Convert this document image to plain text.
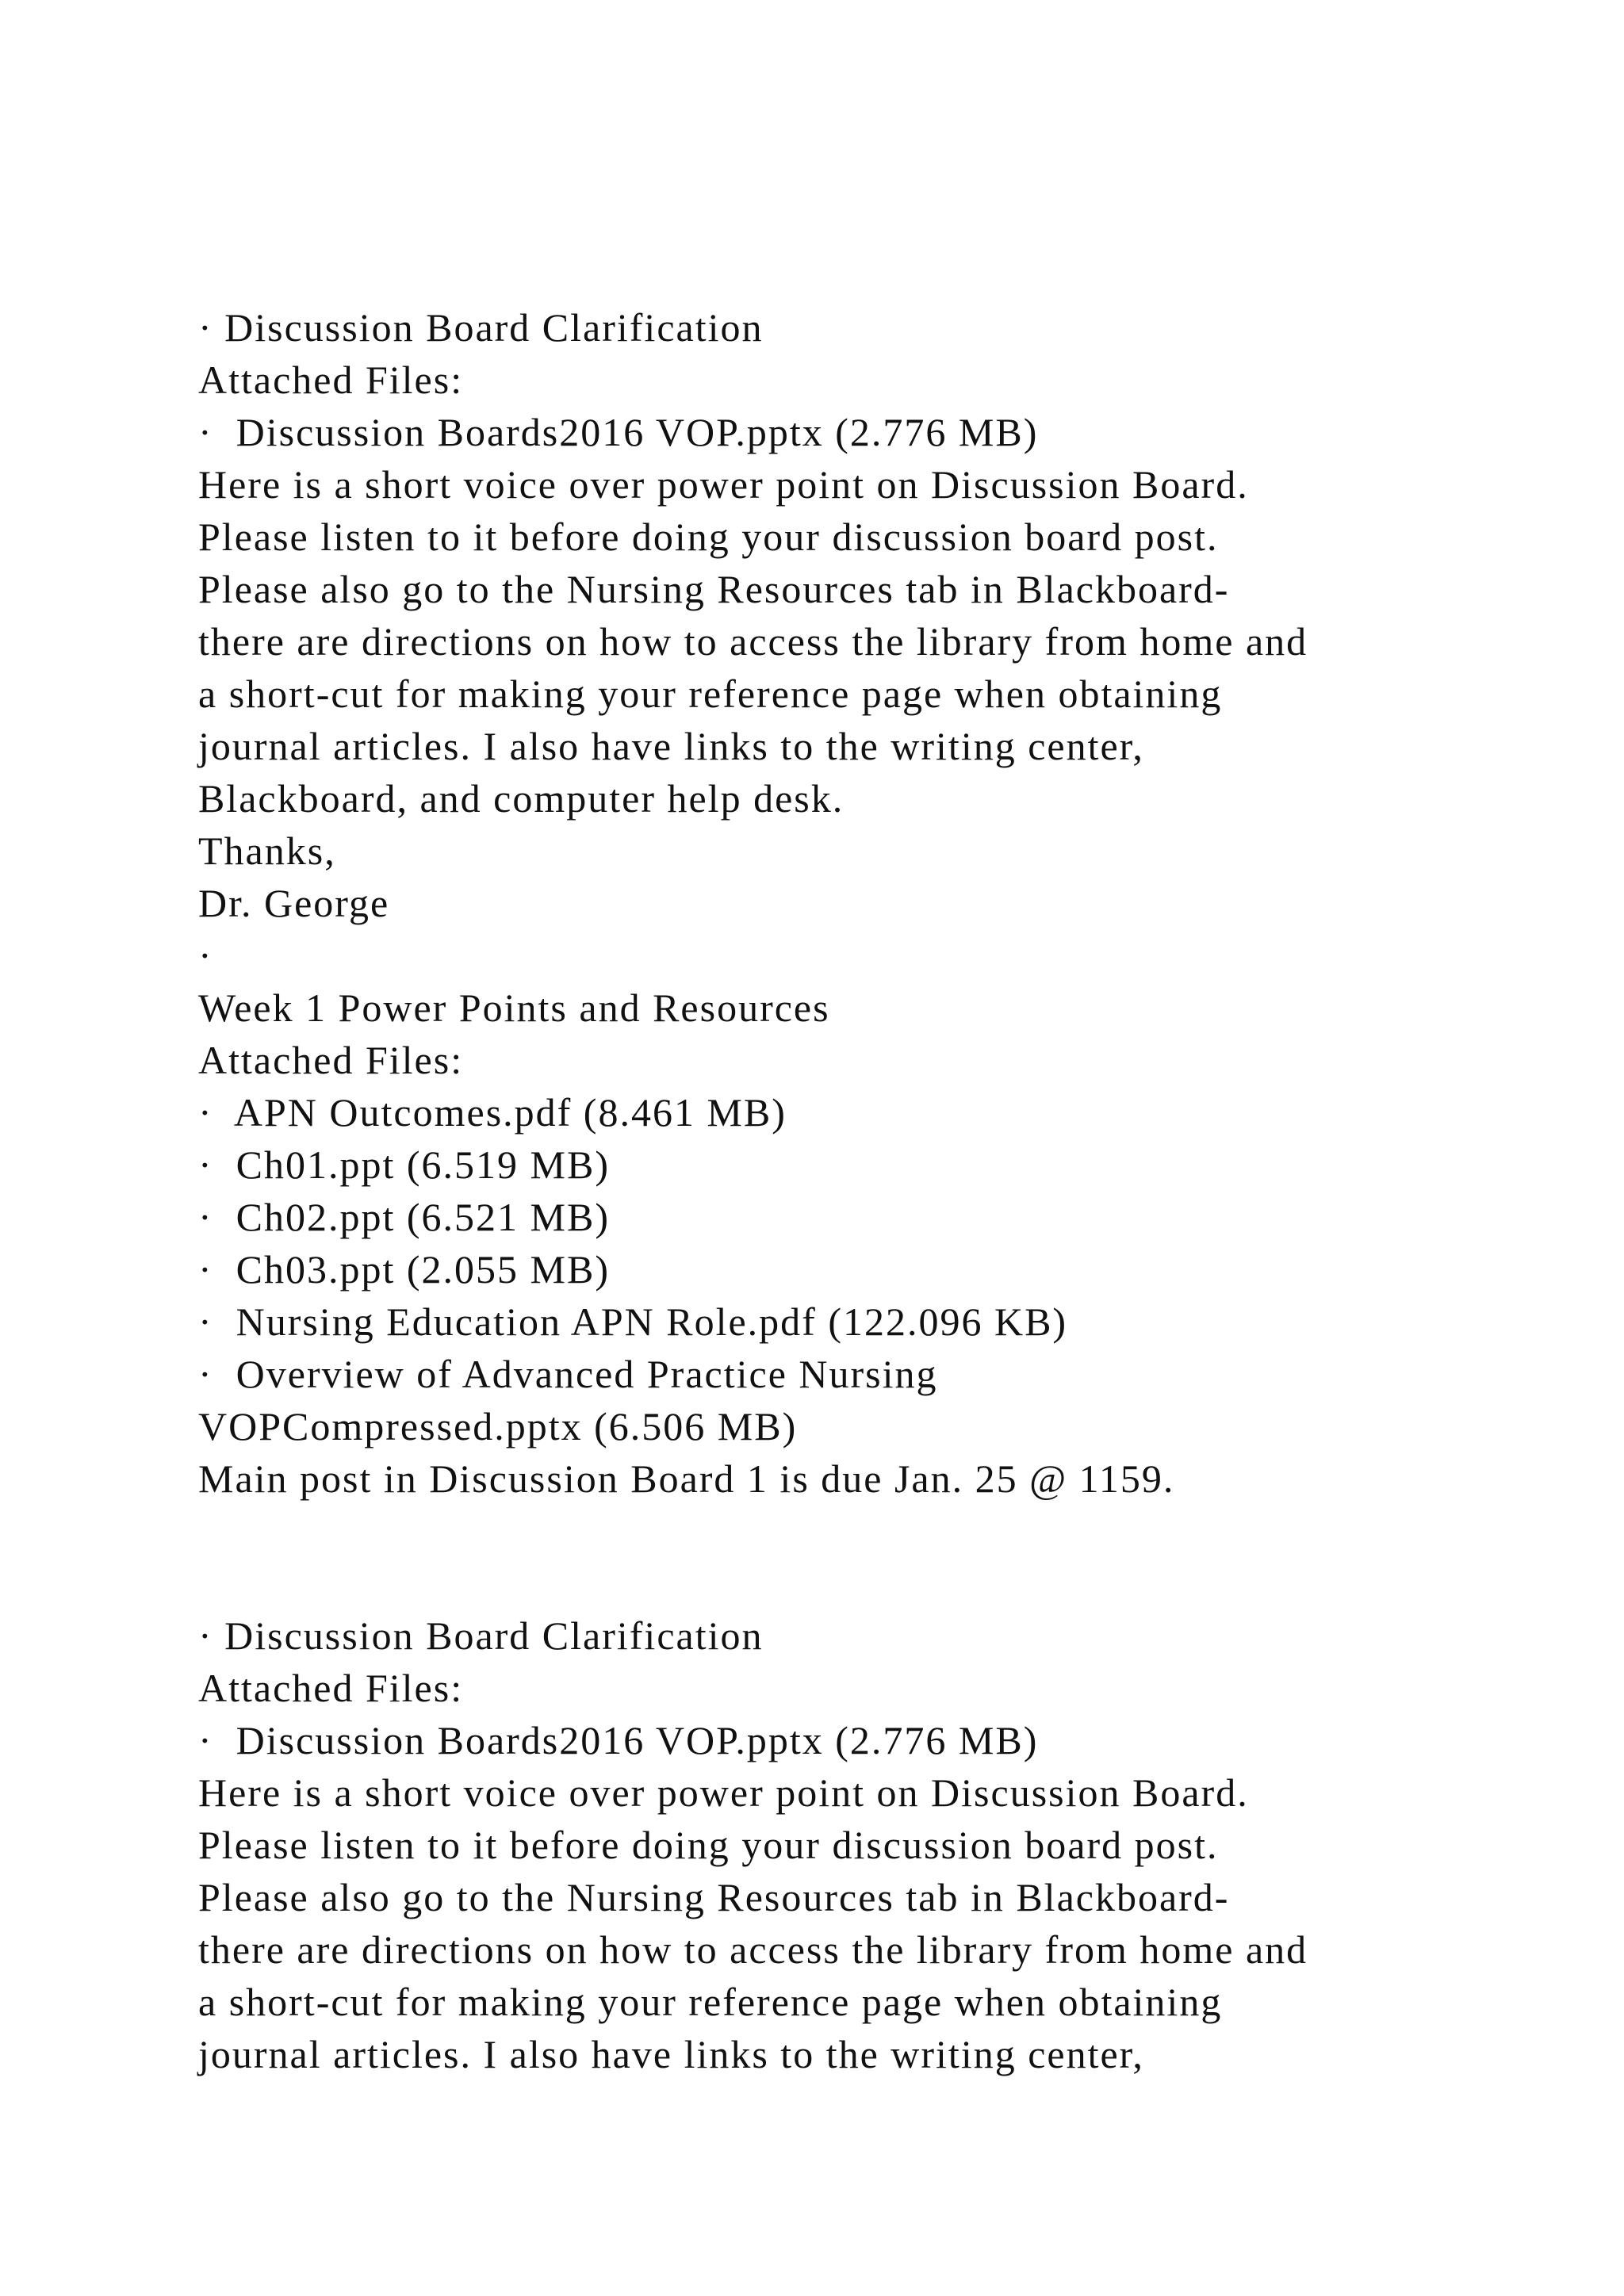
· Discussion Board Clarification
Attached Files:
·  Discussion Boards2016 VOP.pptx (2.776 MB)
Here is a short voice over power point on Discussion Board.
Please listen to it before doing your discussion board post.
Please also go to the Nursing Resources tab in Blackboard-
there are directions on how to access the library from home and
a short-cut for making your reference page when obtaining
journal articles. I also have links to the writing center,
Blackboard, and computer help desk.
Thanks,
Dr. George
·
Week 1 Power Points and Resources
Attached Files:
·  APN Outcomes.pdf (8.461 MB)
·  Ch01.ppt (6.519 MB)
·  Ch02.ppt (6.521 MB)
·  Ch03.ppt (2.055 MB)
·  Nursing Education APN Role.pdf (122.096 KB)
·  Overview of Advanced Practice Nursing
VOPCompressed.pptx (6.506 MB)
Main post in Discussion Board 1 is due Jan. 25 @ 1159.
· Discussion Board Clarification
Attached Files:
·  Discussion Boards2016 VOP.pptx (2.776 MB)
Here is a short voice over power point on Discussion Board.
Please listen to it before doing your discussion board post.
Please also go to the Nursing Resources tab in Blackboard-
there are directions on how to access the library from home and
a short-cut for making your reference page when obtaining
journal articles. I also have links to the writing center,
